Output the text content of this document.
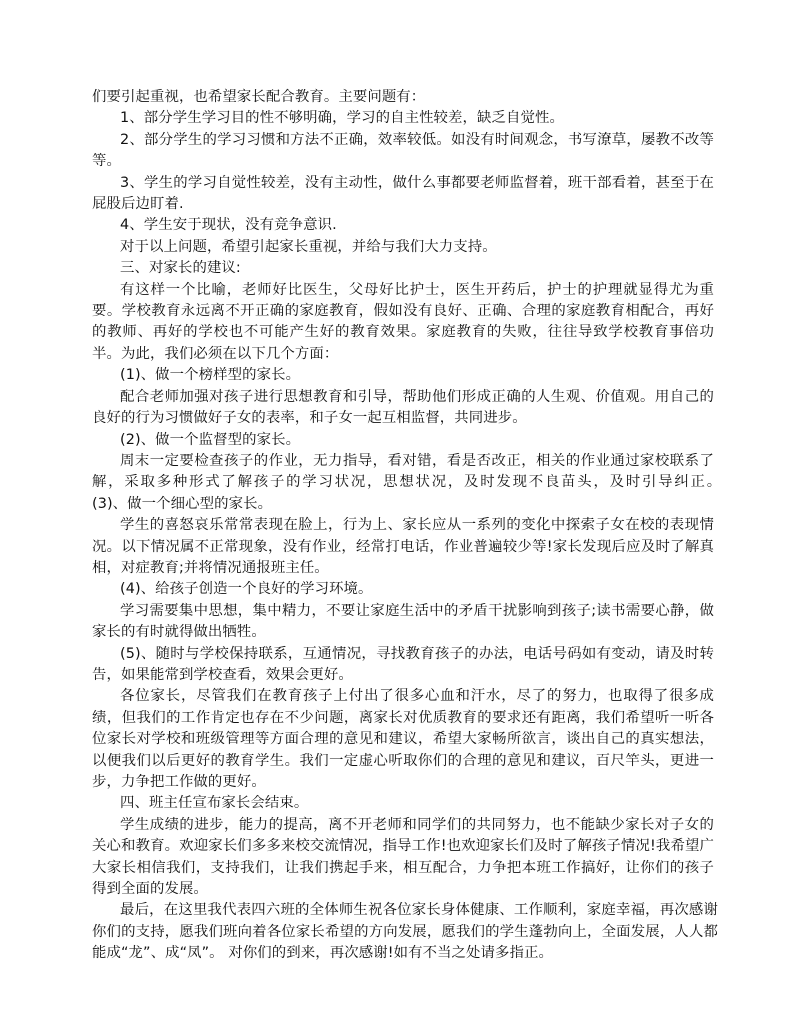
们要引起重视，也希望家长配合教育。主要问题有：

1、部分学生学习目的性不够明确，学习的自主性较差，缺乏自觉性。

2、部分学生的学习习惯和方法不正确，效率较低。如没有时间观念，书写潦草，屡教不改等等。

3、学生的学习自觉性较差，没有主动性，做什么事都要老师监督着，班干部看着，甚至于在屁股后边盯着.

4、学生安于现状，没有竞争意识.

对于以上问题，希望引起家长重视，并给与我们大力支持。

三、对家长的建议:

有这样一个比喻，老师好比医生，父母好比护士，医生开药后，护士的护理就显得尤为重要。学校教育永远离不开正确的家庭教育，假如没有良好、正确、合理的家庭教育相配合，再好的教师、再好的学校也不可能产生好的教育效果。家庭教育的失败，往往导致学校教育事倍功半。为此，我们必须在以下几个方面：

(1)、做一个榜样型的家长。

配合老师加强对孩子进行思想教育和引导，帮助他们形成正确的人生观、价值观。用自己的良好的行为习惯做好子女的表率，和子女一起互相监督，共同进步。

(2)、做一个监督型的家长。

周末一定要检查孩子的作业，无力指导，看对错，看是否改正，相关的作业通过家校联系了解，采取多种形式了解孩子的学习状况，思想状况，及时发现不良苗头，及时引导纠正。　　(3)、做一个细心型的家长。

学生的喜怒哀乐常常表现在脸上，行为上、家长应从一系列的变化中探索子女在校的表现情况。以下情况属不正常现象，没有作业，经常打电话，作业普遍较少等!家长发现后应及时了解真相，对症教育;并将情况通报班主任。

(4)、给孩子创造一个良好的学习环境。

学习需要集中思想，集中精力，不要让家庭生活中的矛盾干扰影响到孩子;读书需要心静，做家长的有时就得做出牺牲。

(5)、随时与学校保持联系，互通情况，寻找教育孩子的办法，电话号码如有变动，请及时转告，如果能常到学校查看，效果会更好。

各位家长，尽管我们在教育孩子上付出了很多心血和汗水，尽了的努力，也取得了很多成绩，但我们的工作肯定也存在不少问题，离家长对优质教育的要求还有距离，我们希望听一听各位家长对学校和班级管理等方面合理的意见和建议，希望大家畅所欲言，谈出自己的真实想法，以便我们以后更好的教育学生。我们一定虚心听取你们的合理的意见和建议，百尺竿头，更进一步，力争把工作做的更好。

四、班主任宣布家长会结束。

学生成绩的进步，能力的提高，离不开老师和同学们的共同努力，也不能缺少家长对子女的关心和教育。欢迎家长们多多来校交流情况，指导工作!也欢迎家长们及时了解孩子情况!我希望广大家长相信我们，支持我们，让我们携起手来，相互配合，力争把本班工作搞好，让你们的孩子得到全面的发展。

最后，在这里我代表四六班的全体师生祝各位家长身体健康、工作顺利，家庭幸福，再次感谢你们的支持，愿我们班向着各位家长希望的方向发展，愿我们的学生蓬勃向上，全面发展，人人都能成“龙”、成“凤”。 对你们的到来，再次感谢!如有不当之处请多指正。
